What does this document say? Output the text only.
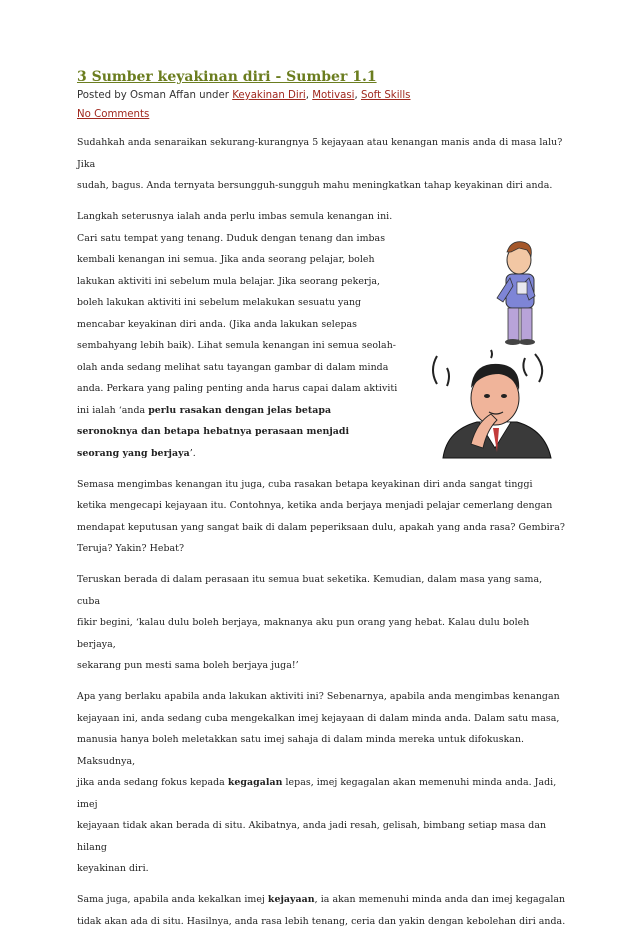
3 Sumber keyakinan diri - Sumber 1.1

Posted by Osman Affan under Keyakinan Diri, Motivasi, Soft Skills

No Comments

Sudahkah anda senaraikan sekurang-kurangnya 5 kejayaan atau kenangan manis anda di masa lalu? Jika
sudah, bagus. Anda ternyata bersungguh-sungguh mahu meningkatkan tahap keyakinan diri anda.

Langkah seterusnya ialah anda perlu imbas semula kenangan ini.
Cari satu tempat yang tenang. Duduk dengan tenang dan imbas
kembali kenangan ini semua. Jika anda seorang pelajar, boleh
lakukan aktiviti ini sebelum mula belajar. Jika seorang pekerja,
boleh lakukan aktiviti ini sebelum melakukan sesuatu yang
mencabar keyakinan diri anda. (Jika anda lakukan selepas
sembahyang lebih baik). Lihat semula kenangan ini semua seolah-
olah anda sedang melihat satu tayangan gambar di dalam minda
anda. Perkara yang paling penting anda harus capai dalam aktiviti
ini ialah ‘anda perlu rasakan dengan jelas betapa
seronoknya dan betapa hebatnya perasaan menjadi
seorang yang berjaya’.

Semasa mengimbas kenangan itu juga, cuba rasakan betapa keyakinan diri anda sangat tinggi
ketika mengecapi kejayaan itu. Contohnya, ketika anda berjaya menjadi pelajar cemerlang dengan
mendapat keputusan yang sangat baik di dalam peperiksaan dulu, apakah yang anda rasa? Gembira?
Teruja? Yakin? Hebat?

Teruskan berada di dalam perasaan itu semua buat seketika. Kemudian, dalam masa yang sama, cuba
fikir begini, ‘kalau dulu boleh berjaya, maknanya aku pun orang yang hebat. Kalau dulu boleh berjaya,
sekarang pun mesti sama boleh berjaya juga!’

Apa yang berlaku apabila anda lakukan aktiviti ini? Sebenarnya, apabila anda mengimbas kenangan
kejayaan ini, anda sedang cuba mengekalkan imej kejayaan di dalam minda anda. Dalam satu masa,
manusia hanya boleh meletakkan satu imej sahaja di dalam minda mereka untuk difokuskan. Maksudnya,
jika anda sedang fokus kepada kegagalan lepas, imej kegagalan akan memenuhi minda anda. Jadi, imej
kejayaan tidak akan berada di situ. Akibatnya, anda jadi resah, gelisah, bimbang setiap masa dan hilang
keyakinan diri.

Sama juga, apabila anda kekalkan imej kejayaan, ia akan memenuhi minda anda dan imej kegagalan
tidak akan ada di situ. Hasilnya, anda rasa lebih tenang, ceria dan yakin dengan kebolehan diri anda.
